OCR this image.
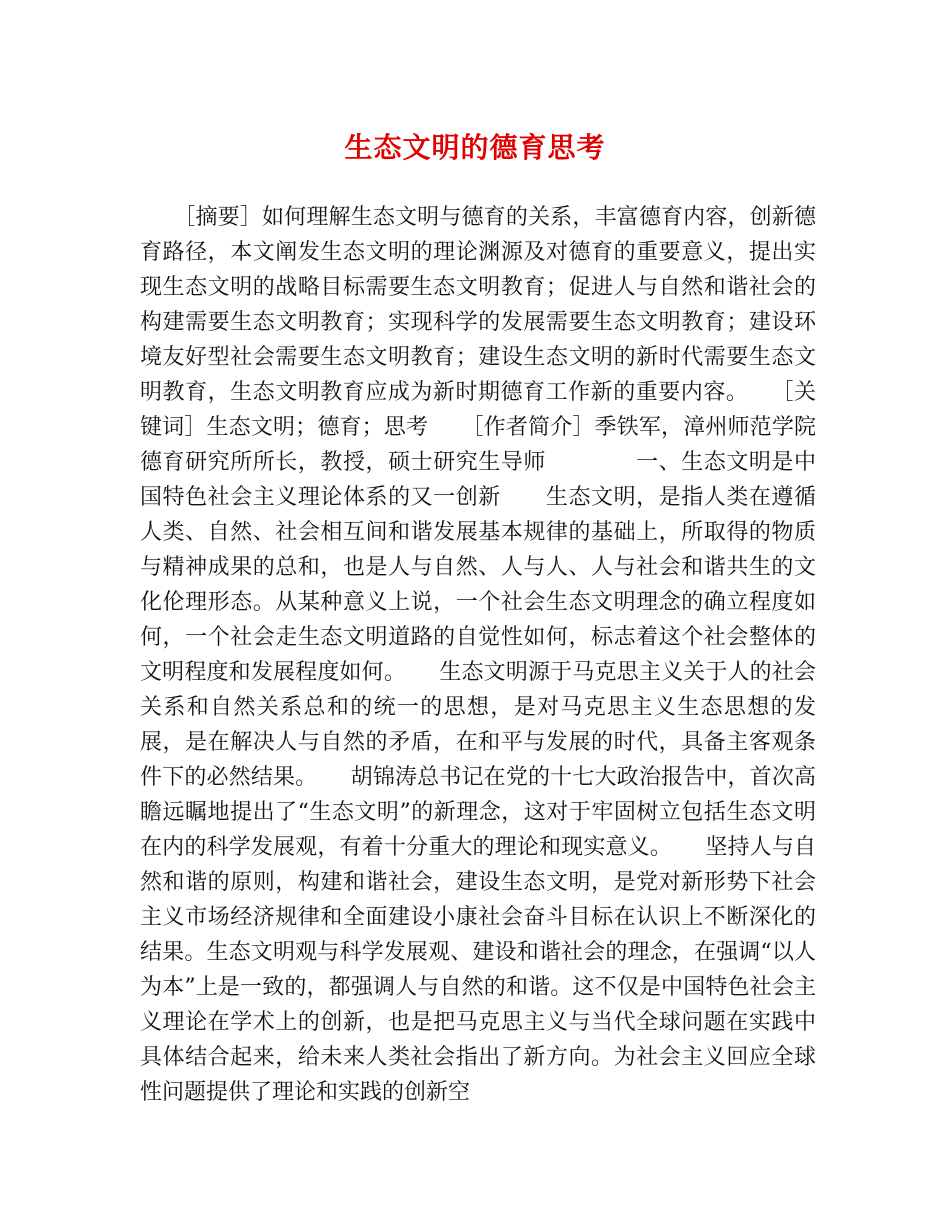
生态文明的德育思考
　　［摘要］如何理解生态文明与德育的关系，丰富德育内容，创新德育路径，本文阐发生态文明的理论渊源及对德育的重要意义，提出实现生态文明的战略目标需要生态文明教育；促进人与自然和谐社会的构建需要生态文明教育；实现科学的发展需要生态文明教育；建设环境友好型社会需要生态文明教育；建设生态文明的新时代需要生态文明教育，生态文明教育应成为新时期德育工作新的重要内容。　　［关键词］生态文明；德育；思考　　［作者简介］季铁军，漳州师范学院德育研究所所长，教授，硕士研究生导师　　　　一、生态文明是中国特色社会主义理论体系的又一创新　　生态文明，是指人类在遵循人类、自然、社会相互间和谐发展基本规律的基础上，所取得的物质与精神成果的总和，也是人与自然、人与人、人与社会和谐共生的文化伦理形态。从某种意义上说，一个社会生态文明理念的确立程度如何，一个社会走生态文明道路的自觉性如何，标志着这个社会整体的文明程度和发展程度如何。　　生态文明源于马克思主义关于人的社会关系和自然关系总和的统一的思想，是对马克思主义生态思想的发展，是在解决人与自然的矛盾，在和平与发展的时代，具备主客观条件下的必然结果。　　胡锦涛总书记在党的十七大政治报告中，首次高瞻远瞩地提出了“生态文明”的新理念，这对于牢固树立包括生态文明在内的科学发展观，有着十分重大的理论和现实意义。　　坚持人与自然和谐的原则，构建和谐社会，建设生态文明，是党对新形势下社会主义市场经济规律和全面建设小康社会奋斗目标在认识上不断深化的结果。生态文明观与科学发展观、建设和谐社会的理念，在强调“以人为本”上是一致的，都强调人与自然的和谐。这不仅是中国特色社会主义理论在学术上的创新，也是把马克思主义与当代全球问题在实践中具体结合起来，给未来人类社会指出了新方向。为社会主义回应全球性问题提供了理论和实践的创新空
